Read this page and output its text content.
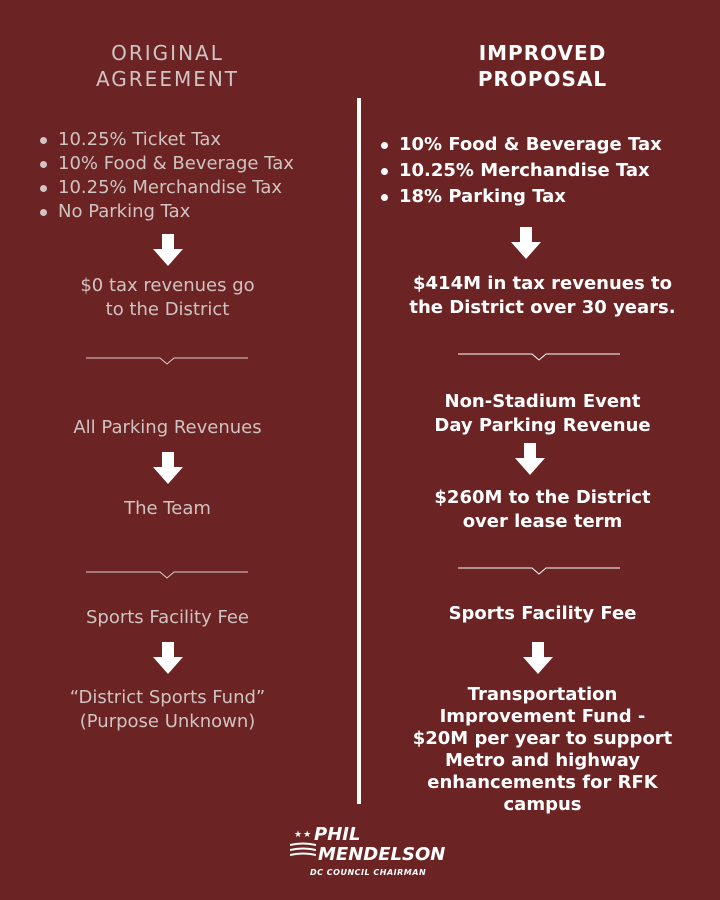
ORIGINAL
AGREEMENT
10.25% Ticket Tax
10% Food & Beverage Tax
10.25% Merchandise Tax
No Parking Tax
$0 tax revenues go
to the District
All Parking Revenues
The Team
Sports Facility Fee
“District Sports Fund”
(Purpose Unknown)
IMPROVED
PROPOSAL
10% Food & Beverage Tax
10.25% Merchandise Tax
18% Parking Tax
$414M in tax revenues to
the District over 30 years.
Non-Stadium Event
Day Parking Revenue
$260M to the District
over lease term
Sports Facility Fee
Transportation
Improvement Fund -
$20M per year to support
Metro and highway
enhancements for RFK
campus
★★ PHIL
MENDELSON
DC COUNCIL CHAIRMAN
